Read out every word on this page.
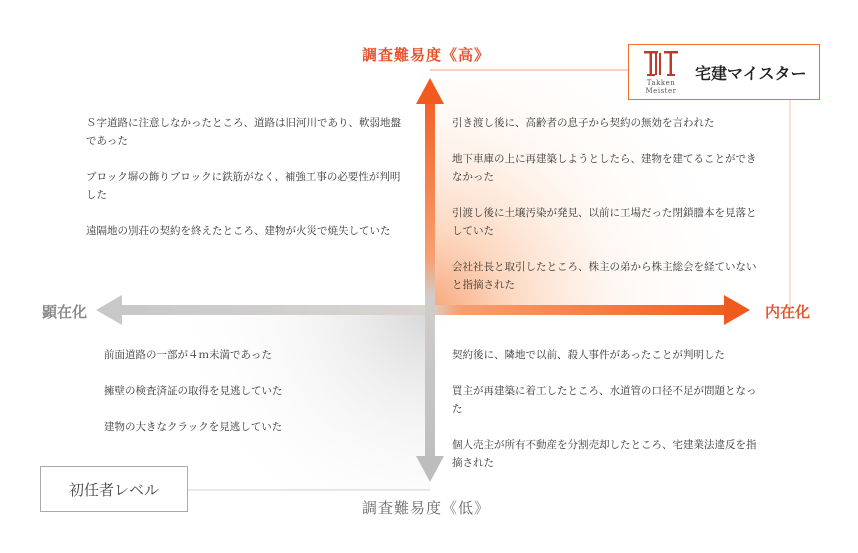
調査難易度《高》
調査難易度《低》
顕在化	内在化
Takken
Meister
宅建マイスター
初任者レベル

Ｓ字道路に注意しなかったところ、道路は旧河川であり、軟弱地盤であった

ブロック塀の飾りブロックに鉄筋がなく、補強工事の必要性が判明した

遠隔地の別荘の契約を終えたところ、建物が火災で焼失していた

引き渡し後に、高齢者の息子から契約の無効を言われた

地下車庫の上に再建築しようとしたら、建物を建てることができなかった

引渡し後に土壌汚染が発見、以前に工場だった閉鎖謄本を見落としていた

会社社長と取引したところ、株主の弟から株主総会を経ていないと指摘された

前面道路の一部が４ｍ未満であった

擁壁の検査済証の取得を見逃していた

建物の大きなクラックを見逃していた

契約後に、隣地で以前、殺人事件があったことが判明した

買主が再建築に着工したところ、水道管の口径不足が問題となった

個人売主が所有不動産を分割売却したところ、宅建業法違反を指摘された
